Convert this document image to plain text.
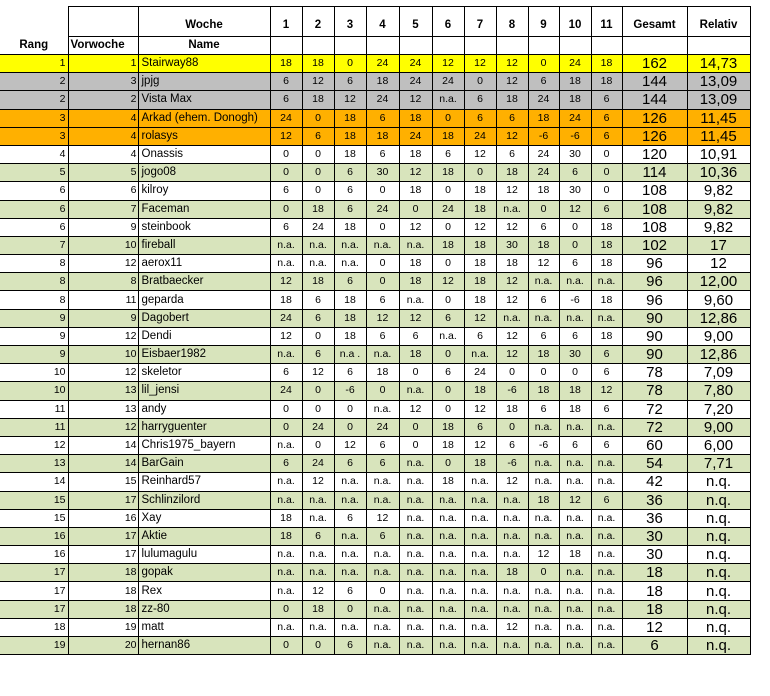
		Woche	1	2	3	4	5	6	7	8	9	10	11	Gesamt	Relativ
Rang	Vorwoche	Name													
1	1	Stairway88	18	18	0	24	24	12	12	12	0	24	18	162	14,73
2	3	jpjg	6	12	6	18	24	24	0	12	6	18	18	144	13,09
2	2	Vista Max	6	18	12	24	12	n.a.	6	18	24	18	6	144	13,09
3	4	Arkad (ehem. Donogh)	24	0	18	6	18	0	6	6	18	24	6	126	11,45
3	4	rolasys	12	6	18	18	24	18	24	12	-6	-6	6	126	11,45
4	4	Onassis	0	0	18	6	18	6	12	6	24	30	0	120	10,91
5	5	jogo08	0	0	6	30	12	18	0	18	24	6	0	114	10,36
6	6	kilroy	6	0	6	0	18	0	18	12	18	30	0	108	9,82
6	7	Faceman	0	18	6	24	0	24	18	n.a.	0	12	6	108	9,82
6	9	steinbook	6	24	18	0	12	0	12	12	6	0	18	108	9,82
7	10	fireball	n.a.	n.a.	n.a.	n.a.	n.a.	18	18	30	18	0	18	102	17
8	12	aerox11	n.a.	n.a.	n.a.	0	18	0	18	18	12	6	18	96	12
8	8	Bratbaecker	12	18	6	0	18	12	18	12	n.a.	n.a.	n.a.	96	12,00
8	11	geparda	18	6	18	6	n.a.	0	18	12	6	-6	18	96	9,60
9	9	Dagobert	24	6	18	12	12	6	12	n.a.	n.a.	n.a.	n.a.	90	12,86
9	12	Dendi	12	0	18	6	6	n.a.	6	12	6	6	18	90	9,00
9	10	Eisbaer1982	n.a.	6	n.a .	n.a.	18	0	n.a.	12	18	30	6	90	12,86
10	12	skeletor	6	12	6	18	0	6	24	0	0	0	6	78	7,09
10	13	lil_jensi	24	0	-6	0	n.a.	0	18	-6	18	18	12	78	7,80
11	13	andy	0	0	0	n.a.	12	0	12	18	6	18	6	72	7,20
11	12	harryguenter	0	24	0	24	0	18	6	0	n.a.	n.a.	n.a.	72	9,00
12	14	Chris1975_bayern	n.a.	0	12	6	0	18	12	6	-6	6	6	60	6,00
13	14	BarGain	6	24	6	6	n.a.	0	18	-6	n.a.	n.a.	n.a.	54	7,71
14	15	Reinhard57	n.a.	12	n.a.	n.a.	n.a.	18	n.a.	12	n.a.	n.a.	n.a.	42	n.q.
15	17	Schlinzilord	n.a.	n.a.	n.a.	n.a.	n.a.	n.a.	n.a.	n.a.	18	12	6	36	n.q.
15	16	Xay	18	n.a.	6	12	n.a.	n.a.	n.a.	n.a.	n.a.	n.a.	n.a.	36	n.q.
16	17	Aktie	18	6	n.a.	6	n.a.	n.a.	n.a.	n.a.	n.a.	n.a.	n.a.	30	n.q.
16	17	lulumagulu	n.a.	n.a.	n.a.	n.a.	n.a.	n.a.	n.a.	n.a.	12	18	n.a.	30	n.q.
17	18	gopak	n.a.	n.a.	n.a.	n.a.	n.a.	n.a.	n.a.	18	0	n.a.	n.a.	18	n.q.
17	18	Rex	n.a.	12	6	0	n.a.	n.a.	n.a.	n.a.	n.a.	n.a.	n.a.	18	n.q.
17	18	zz-80	0	18	0	n.a.	n.a.	n.a.	n.a.	n.a.	n.a.	n.a.	n.a.	18	n.q.
18	19	matt	n.a.	n.a.	n.a.	n.a.	n.a.	n.a.	n.a.	12	n.a.	n.a.	n.a.	12	n.q.
19	20	hernan86	0	0	6	n.a.	n.a.	n.a.	n.a.	n.a.	n.a.	n.a.	n.a.	6	n.q.
